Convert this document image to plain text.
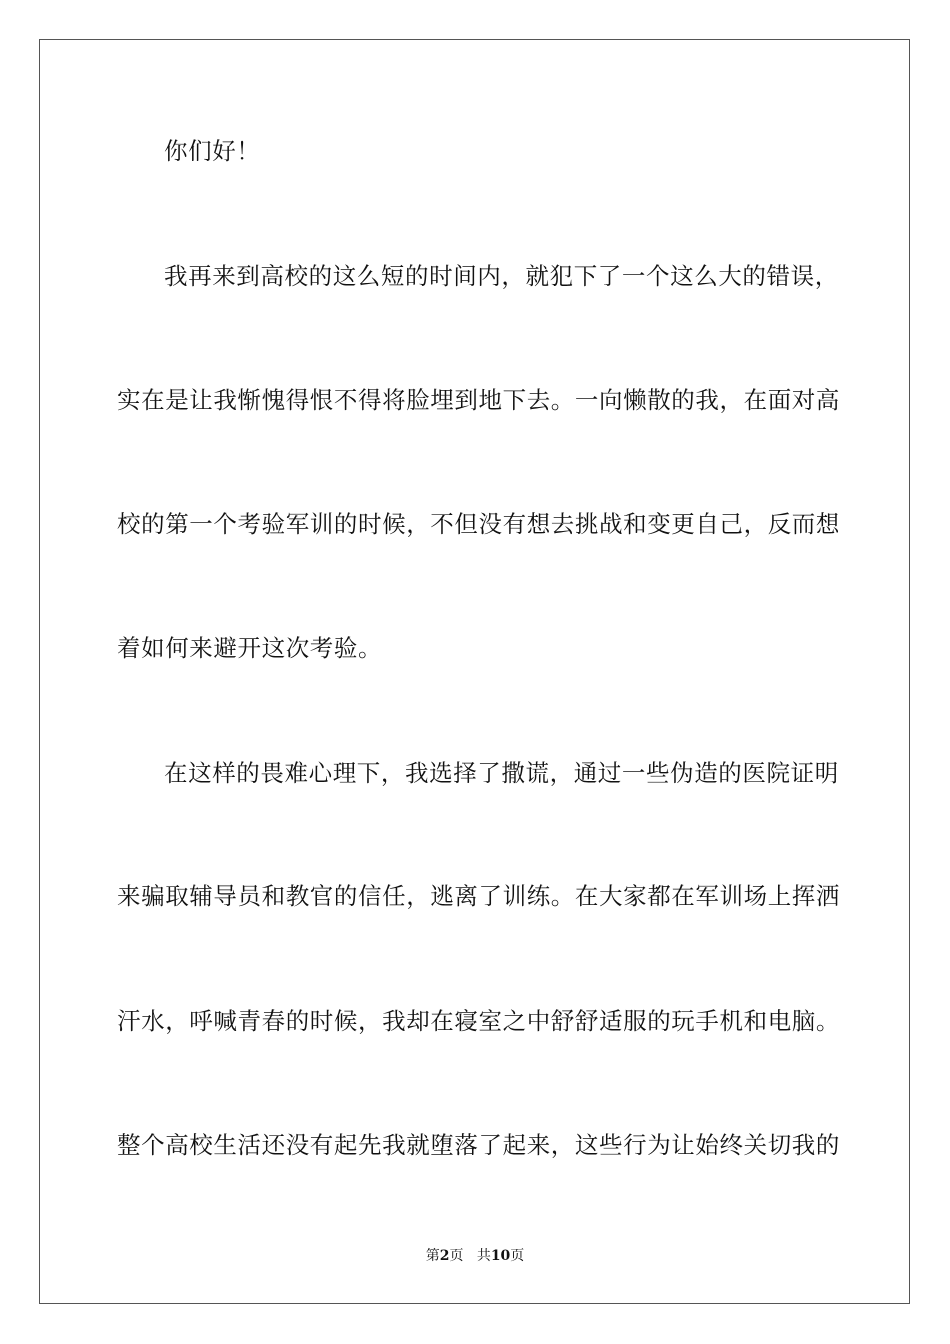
你们好！
我再来到高校的这么短的时间内，就犯下了一个这么大的错误，
实在是让我惭愧得恨不得将脸埋到地下去。一向懒散的我，在面对高
校的第一个考验军训的时候，不但没有想去挑战和变更自己，反而想
着如何来避开这次考验。
在这样的畏难心理下，我选择了撒谎，通过一些伪造的医院证明
来骗取辅导员和教官的信任，逃离了训练。在大家都在军训场上挥洒
汗水，呼喊青春的时候，我却在寝室之中舒舒适服的玩手机和电脑。
整个高校生活还没有起先我就堕落了起来，这些行为让始终关切我的
第2页 共10页
